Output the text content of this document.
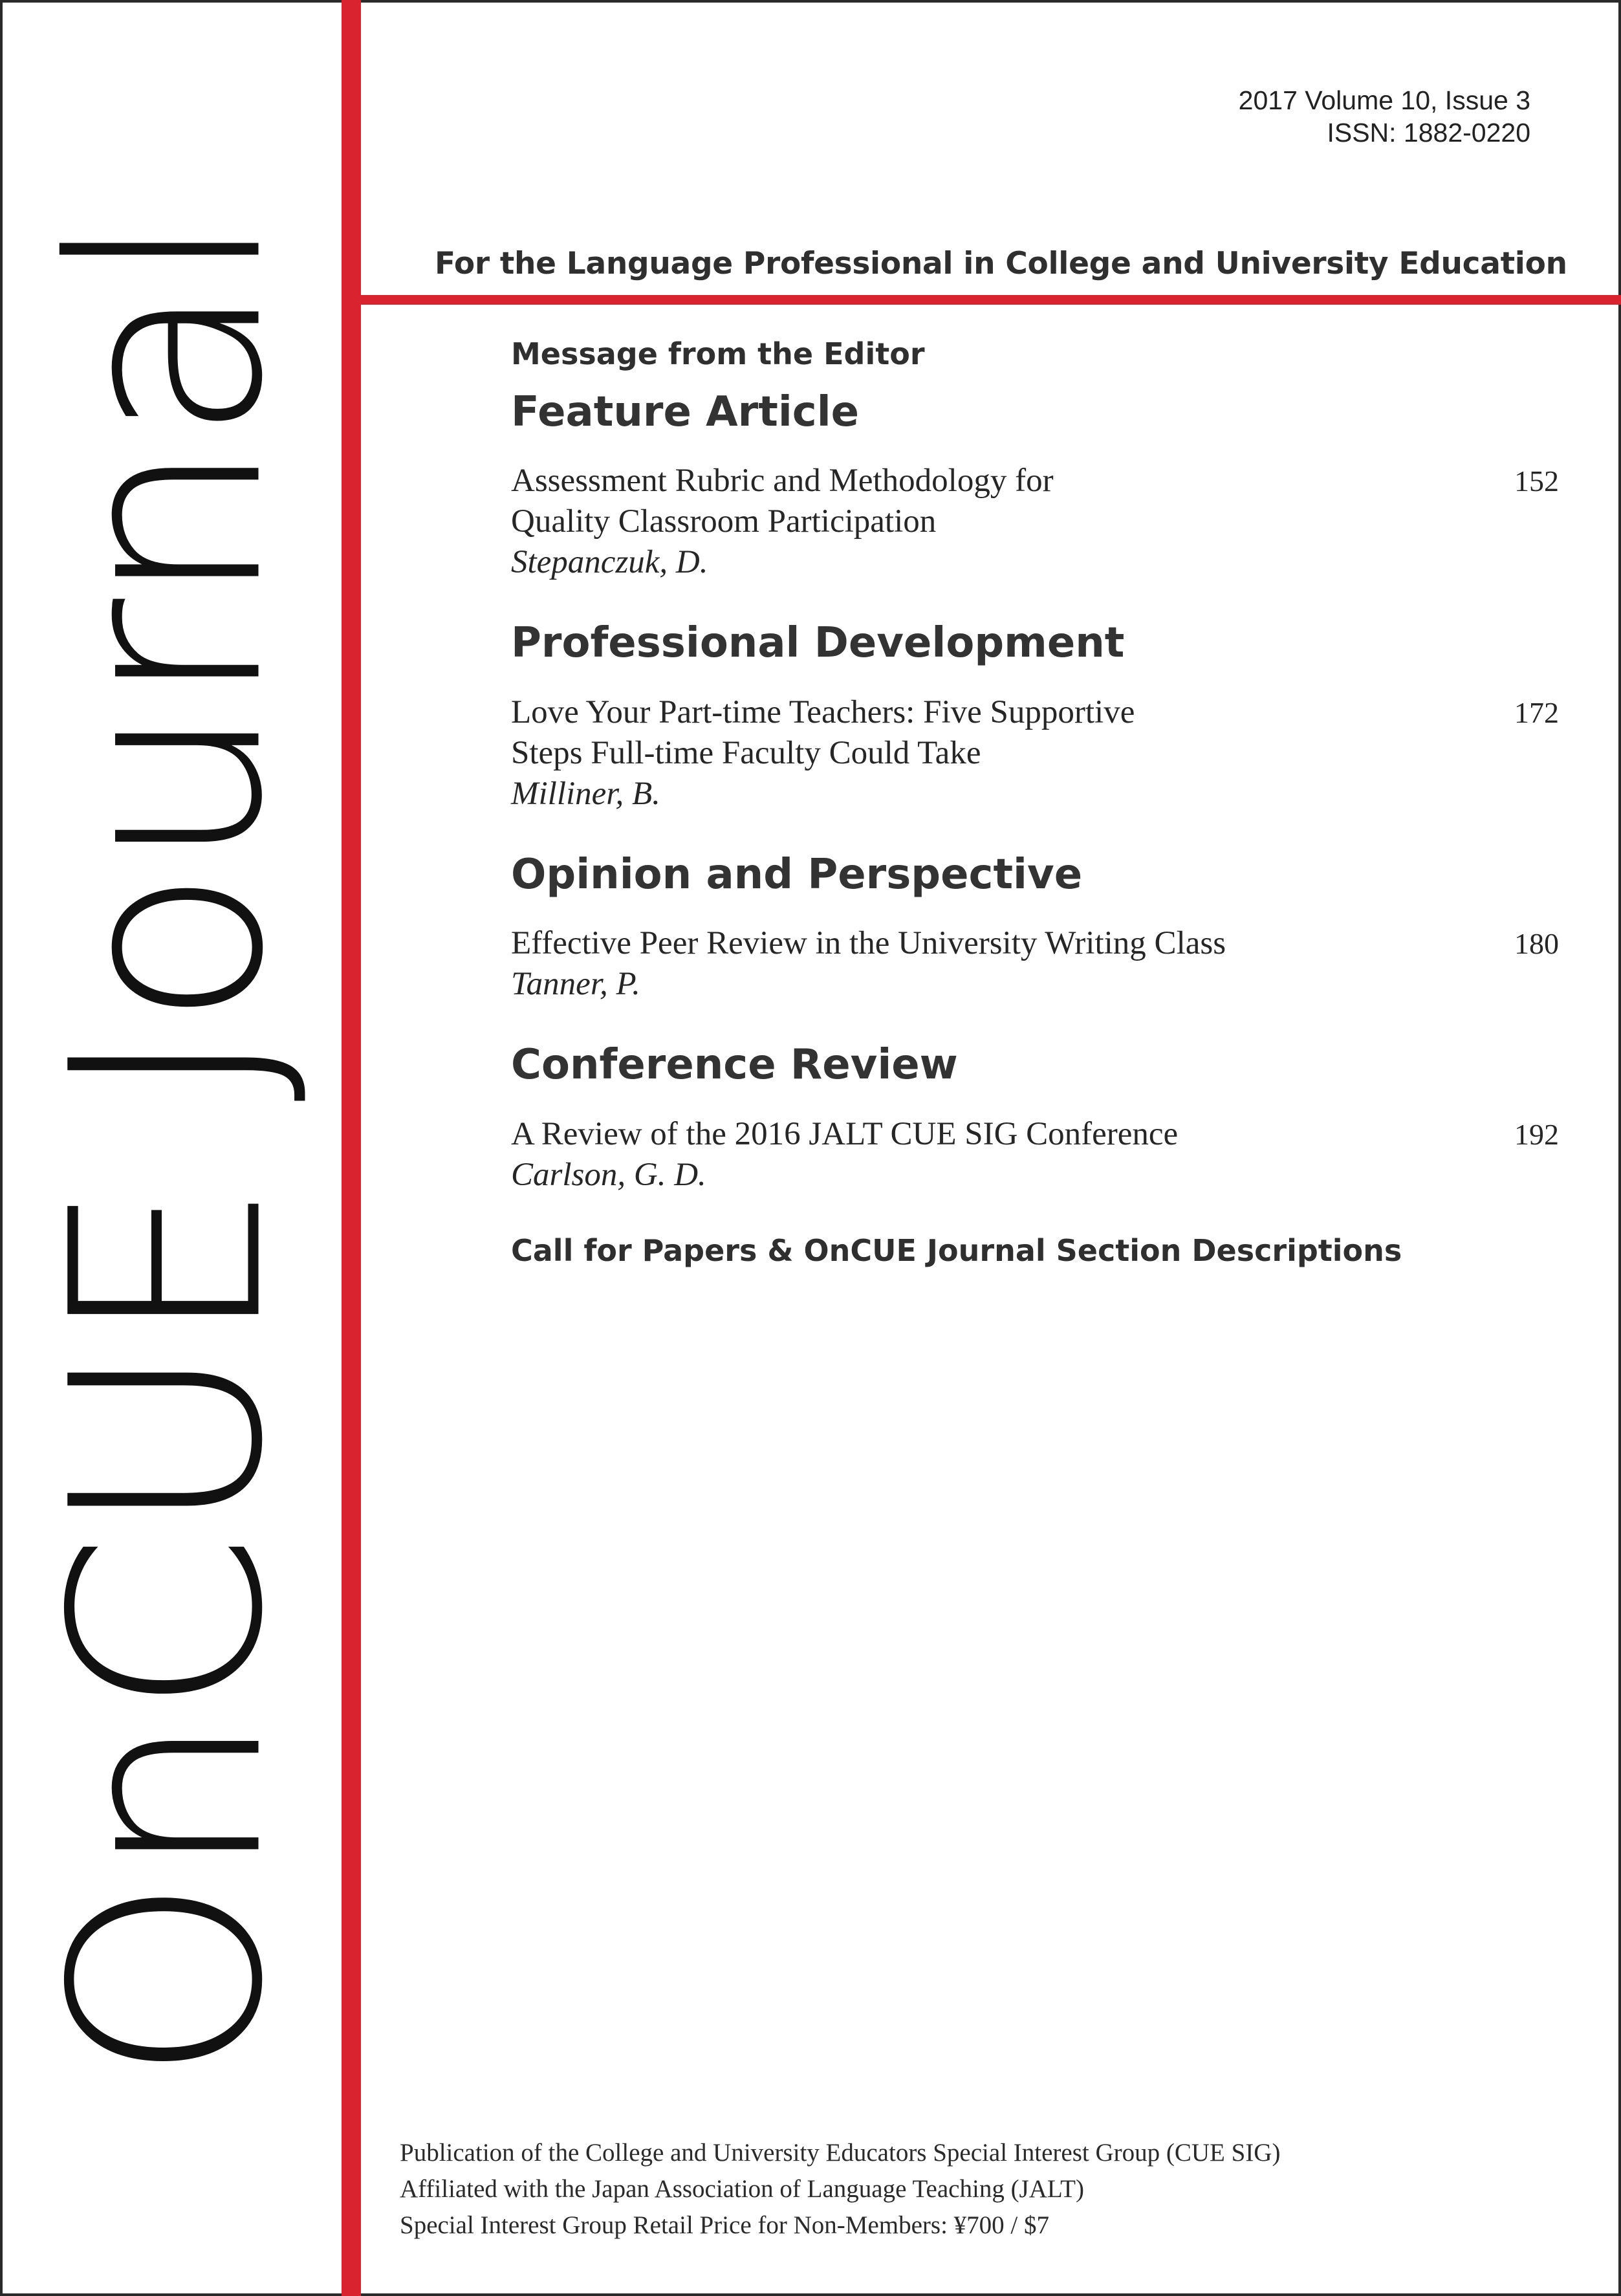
OnCUE Journal
2017 Volume 10, Issue 3
ISSN: 1882-0220
For the Language Professional in College and University Education
Message from the Editor
Feature Article
Assessment Rubric and Methodology for
Quality Classroom Participation
Stepanczuk, D.
152
Professional Development
Love Your Part-time Teachers: Five Supportive
Steps Full-time Faculty Could Take
Milliner, B.
172
Opinion and Perspective
Effective Peer Review in the University Writing Class
Tanner, P.
180
Conference Review
A Review of the 2016 JALT CUE SIG Conference
Carlson, G. D.
192
Call for Papers & OnCUE Journal Section Descriptions
Publication of the College and University Educators Special Interest Group (CUE SIG)
Affiliated with the Japan Association of Language Teaching (JALT)
Special Interest Group Retail Price for Non-Members: ¥700 / $7
